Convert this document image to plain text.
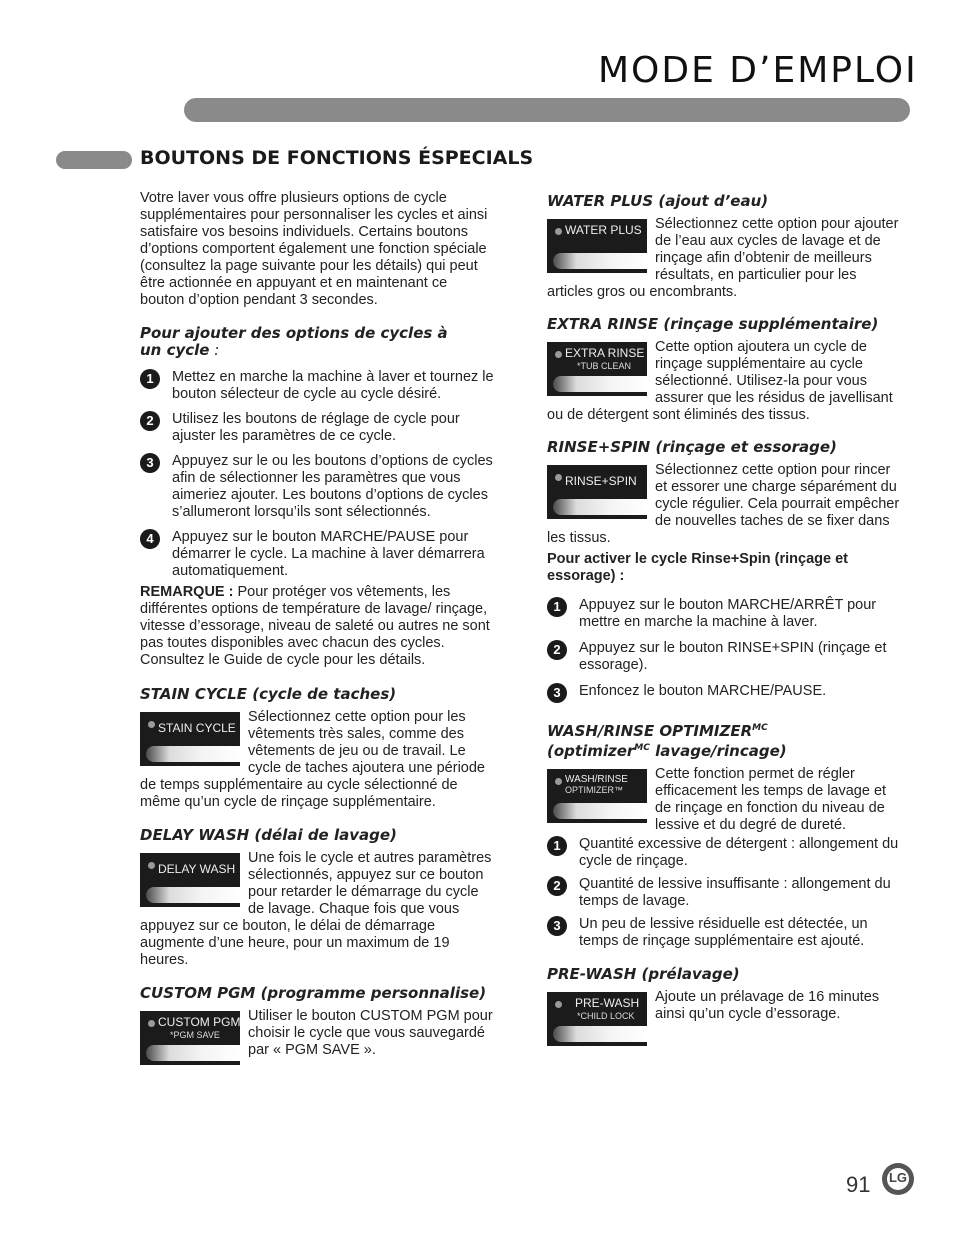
MODE D’EMPLOI
BOUTONS DE FONCTIONS ÉSPECIALS

Votre laver vous offre plusieurs options de cycle supplémentaires pour personnaliser les cycles et ainsi satisfaire vos besoins individuels. Certains boutons d’options comportent également une fonction spéciale (consultez la page suivante pour les détails) qui peut être actionnée en appuyant et en maintenant ce bouton d’option pendant 3 secondes.

Pour ajouter des options de cycles à un cycle :
1	Mettez en marche la machine à laver et tournez le bouton sélecteur de cycle au cycle désiré.

2	Utilisez les boutons de réglage de cycle pour ajuster les paramètres de ce cycle.

3	Appuyez sur le ou les boutons d’options de cycles afin de sélectionner les paramètres que vous aimeriez ajouter. Les boutons d’options de cycles s’allumeront lorsqu’ils sont sélectionnés.

4	Appuyez sur le bouton MARCHE/PAUSE pour démarrer le cycle. La machine à laver démarrera automatiquement.

REMARQUE : Pour protéger vos vêtements, les différentes options de température de lavage/ rinçage, vitesse d’essorage, niveau de saleté ou autres ne sont pas toutes disponibles avec chacun des cycles. Consultez le Guide de cycle pour les détails.

STAIN CYCLE (cycle de taches)
STAIN CYCLE

Sélectionnez cette option pour les vêtements très sales, comme des vêtements de jeu ou de travail. Le cycle de taches ajoutera une période de temps supplémentaire au cycle sélectionné de même qu’un cycle de rinçage supplémentaire.

DELAY WASH (délai de lavage)
DELAY WASH

Une fois le cycle et autres paramètres sélectionnés, appuyez sur ce bouton pour retarder le démarrage du cycle de lavage. Chaque fois que vous appuyez sur ce bouton, le délai de démarrage augmente d’une heure, pour un maximum de 19 heures.

CUSTOM PGM (programme personnalise)
CUSTOM PGM
*PGM SAVE

Utiliser le bouton CUSTOM PGM pour choisir le cycle que vous sauvegardé par « PGM SAVE ».

WATER PLUS (ajout d’eau)
WATER PLUS Sélectionnez cette option pour ajouter de l’eau aux cycles de lavage et de rinçage afin d’obtenir de meilleurs résultats, en particulier pour les articles gros ou encombrants.

EXTRA RINSE (rinçage supplémentaire)
EXTRA RINSE
*TUB CLEAN

Cette option ajoutera un cycle de rinçage supplémentaire au cycle sélectionné. Utilisez-la pour vous assurer que les résidus de javellisant ou de détergent sont éliminés des tissus.

RINSE+SPIN (rinçage et essorage)
RINSE+SPIN

Sélectionnez cette option pour rincer et essorer une charge séparément du cycle régulier. Cela pourrait empêcher de nouvelles taches de se fixer dans les tissus.

Pour activer le cycle Rinse+Spin (rinçage et essorage) :

1	Appuyez sur le bouton MARCHE/ARRÊT pour mettre en marche la machine à laver.

2	Appuyez sur le bouton RINSE+SPIN (rinçage et essorage).

3	Enfoncez le bouton MARCHE/PAUSE.

WASH/RINSE $OPTIMIZER^{MC}$
(optimizer$^{MC}$ lavage/rincage)
WASH/RINSE
OPTIMIZER™

Cette fonction permet de régler efficacement les temps de lavage et de rinçage en fonction du niveau de lessive et du degré de dureté.

1	Quantité excessive de détergent : allongement du cycle de rinçage.

2	Quantité de lessive insuffisante : allongement du temps de lavage.

3	Un peu de lessive résiduelle est détectée, un temps de rinçage supplémentaire est ajouté.

PRE-WASH (prélavage)
PRE-WASH
*CHILD LOCK

Ajoute un prélavage de 16 minutes ainsi qu’un cycle d’essorage.

91	LG
